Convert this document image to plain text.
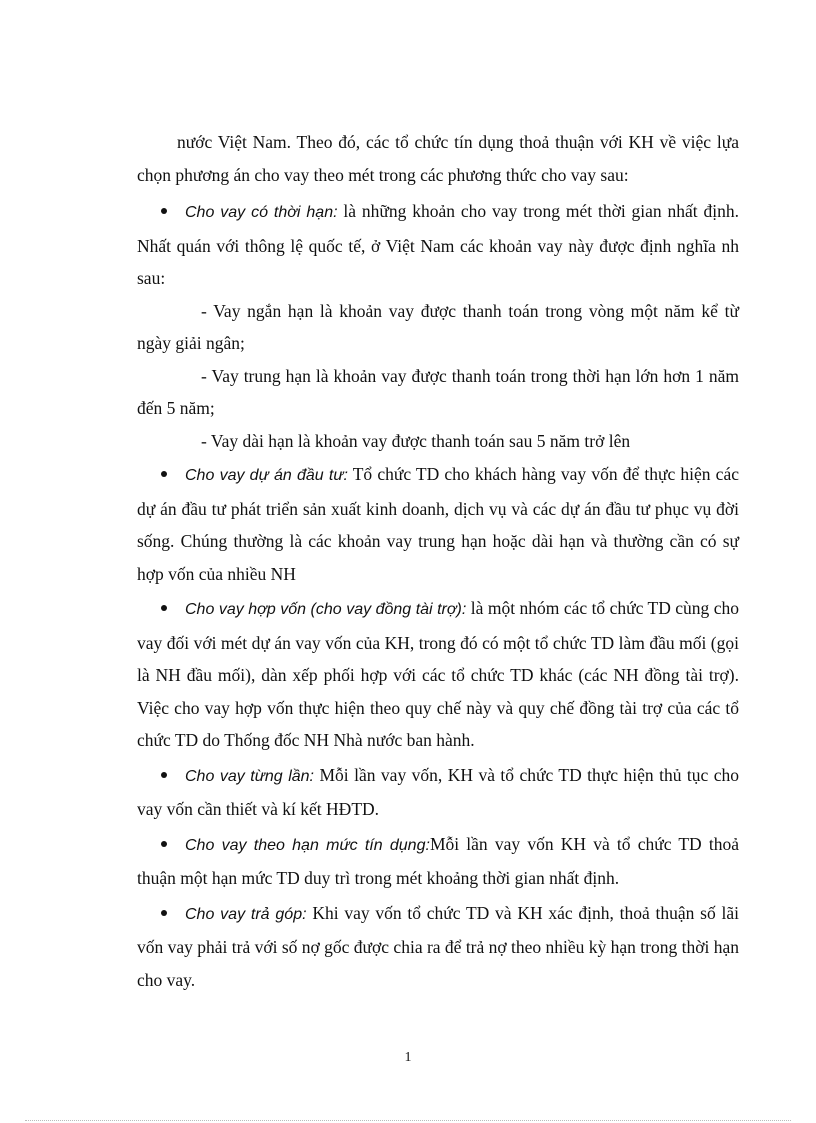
nước Việt Nam. Theo đó, các tổ chức tín dụng thoả thuận với KH về việc lựa chọn phương án cho vay theo mét trong các phương thức cho vay sau:

Cho vay có thời hạn: là những khoản cho vay trong mét thời gian nhất định. Nhất quán với thông lệ quốc tế, ở Việt Nam các khoản vay này được định nghĩa nh sau:

- Vay ngắn hạn là khoản vay được thanh toán trong vòng một năm kể từ ngày giải ngân;

- Vay trung hạn là khoản vay được thanh toán trong thời hạn lớn hơn 1 năm đến 5 năm;

- Vay dài hạn là khoản vay được thanh toán sau 5 năm trở lên

Cho vay dự án đầu tư: Tổ chức TD cho khách hàng vay vốn để thực hiện các dự án đầu tư phát triển sản xuất kinh doanh, dịch vụ và các dự án đầu tư phục vụ đời sống. Chúng thường là các khoản vay trung hạn hoặc dài hạn và thường cần có sự hợp vốn của nhiều NH

Cho vay hợp vốn (cho vay đồng tài trợ): là một nhóm các tổ chức TD cùng cho vay đối với mét dự án vay vốn của KH, trong đó có một tổ chức TD làm đầu mối (gọi là NH đầu mối), dàn xếp phối hợp với các tổ chức TD khác (các NH đồng tài trợ). Việc cho vay hợp vốn thực hiện theo quy chế này và quy chế đồng tài trợ của các tổ chức TD do Thống đốc NH Nhà nước ban hành.

Cho vay từng lần: Mỗi lần vay vốn, KH và tổ chức TD thực hiện thủ tục cho vay vốn cần thiết và kí kết HĐTD.

Cho vay theo hạn mức tín dụng:Mỗi lần vay vốn KH và tổ chức TD thoả thuận một hạn mức TD duy trì trong mét khoảng thời gian nhất định.

Cho vay trả góp: Khi vay vốn tổ chức TD và KH xác định, thoả thuận số lãi vốn vay phải trả với số nợ gốc được chia ra để trả nợ theo nhiều kỳ hạn trong thời hạn cho vay.

1
